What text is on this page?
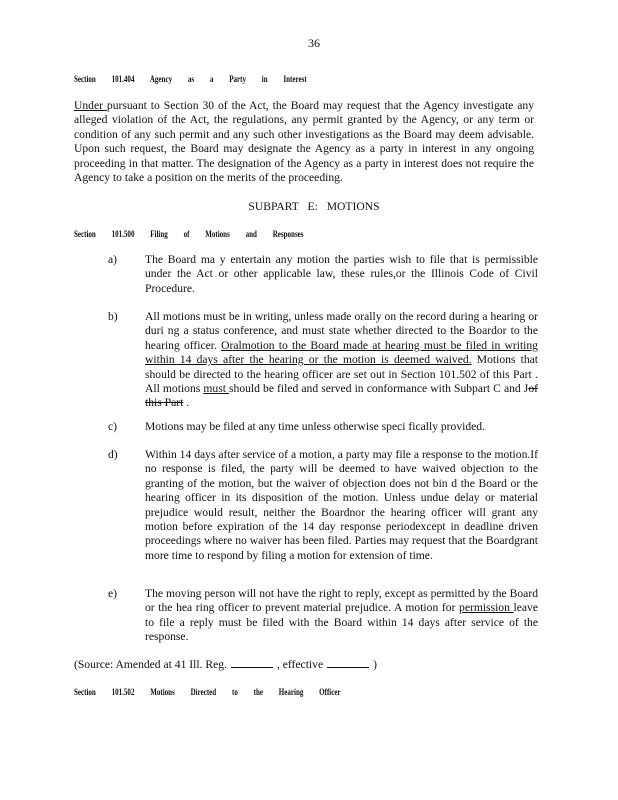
36
Section 101.404 Agency as a Party in Interest
Under pursuant to Section 30 of the Act, the Board may request that the Agency investigate any alleged violation of the Act, the regulations, any permit granted by the Agency, or any term or condition of any such permit and any such other investigations as the Board may deem advisable. Upon such request, the Board may designate the Agency as a party in interest in any ongoing proceeding in that matter. The designation of the Agency as a party in interest does not require the Agency to take a position on the merits of the proceeding.
SUBPART E: MOTIONS
Section 101.500 Filing of Motions and Responses
a) The Board ma y entertain any motion the parties wish to file that is permissible under the Act or other applicable law, these rules,or the Illinois Code of Civil Procedure.
b) All motions must be in writing, unless made orally on the record during a hearing or duri ng a status conference, and must state whether directed to the Boardor to the hearing officer. Oralmotion to the Board made at hearing must be filed in writing within 14 days after the hearing or the motion is deemed waived. Motions that should be directed to the hearing officer are set out in Section 101.502 of this Part . All motions must should be filed and served in conformance with Subpart C and Jof this Part .
c) Motions may be filed at any time unless otherwise speci fically provided.
d) Within 14 days after service of a motion, a party may file a response to the motion.If no response is filed, the party will be deemed to have waived objection to the granting of the motion, but the waiver of objection does not bin d the Board or the hearing officer in its disposition of the motion. Unless undue delay or material prejudice would result, neither the Boardnor the hearing officer will grant any motion before expiration of the 14 day response periodexcept in deadline driven proceedings where no waiver has been filed. Parties may request that the Boardgrant more time to respond by filing a motion for extension of time.
e) The moving person will not have the right to reply, except as permitted by the Board or the hea ring officer to prevent material prejudice. A motion for permission leave to file a reply must be filed with the Board within 14 days after service of the response.
(Source: Amended at 41 Ill. Reg.	, effective	)
Section 101.502 Motions Directed to the Hearing Officer
